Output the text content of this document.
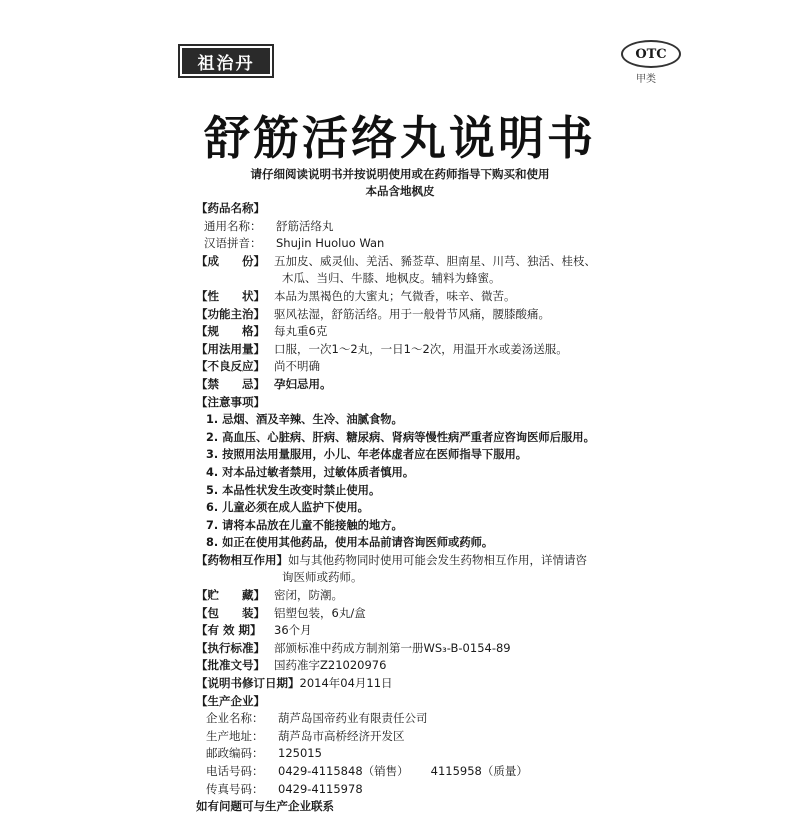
祖治丹	OTC
甲类
舒筋活络丸说明书
请仔细阅读说明书并按说明使用或在药师指导下购买和使用
本品含地枫皮
【药品名称】
通用名称： 舒筋活络丸
汉语拼音： Shujin Huoluo Wan
【成　　份】 五加皮、威灵仙、羌活、豨莶草、胆南星、川芎、独活、桂枝、
木瓜、当归、牛膝、地枫皮。辅料为蜂蜜。
【性　　状】 本品为黑褐色的大蜜丸；气微香，味辛、微苦。
【功能主治】 驱风祛湿，舒筋活络。用于一般骨节风痛，腰膝酸痛。
【规　　格】 每丸重6克
【用法用量】 口服，一次1～2丸，一日1～2次，用温开水或姜汤送服。
【不良反应】 尚不明确
【禁　　忌】 孕妇忌用。
【注意事项】
1. 忌烟、酒及辛辣、生冷、油腻食物。
2. 高血压、心脏病、肝病、糖尿病、肾病等慢性病严重者应咨询医师后服用。
3. 按照用法用量服用，小儿、年老体虚者应在医师指导下服用。
4. 对本品过敏者禁用，过敏体质者慎用。
5. 本品性状发生改变时禁止使用。
6. 儿童必须在成人监护下使用。
7. 请将本品放在儿童不能接触的地方。
8. 如正在使用其他药品，使用本品前请咨询医师或药师。
【药物相互作用】如与其他药物同时使用可能会发生药物相互作用，详情请咨
询医师或药师。
【贮　　藏】 密闭，防潮。
【包　　装】 铝塑包装，6丸/盒
【有 效 期】 36个月
【执行标准】 部颁标准中药成方制剂第一册WS₃-B-0154-89
【批准文号】 国药准字Z21020976
【说明书修订日期】2014年04月11日
【生产企业】
企业名称： 葫芦岛国帝药业有限责任公司
生产地址： 葫芦岛市高桥经济开发区
邮政编码： 125015
电话号码： 0429-4115848（销售） 4115958（质量）
传真号码： 0429-4115978
如有问题可与生产企业联系
